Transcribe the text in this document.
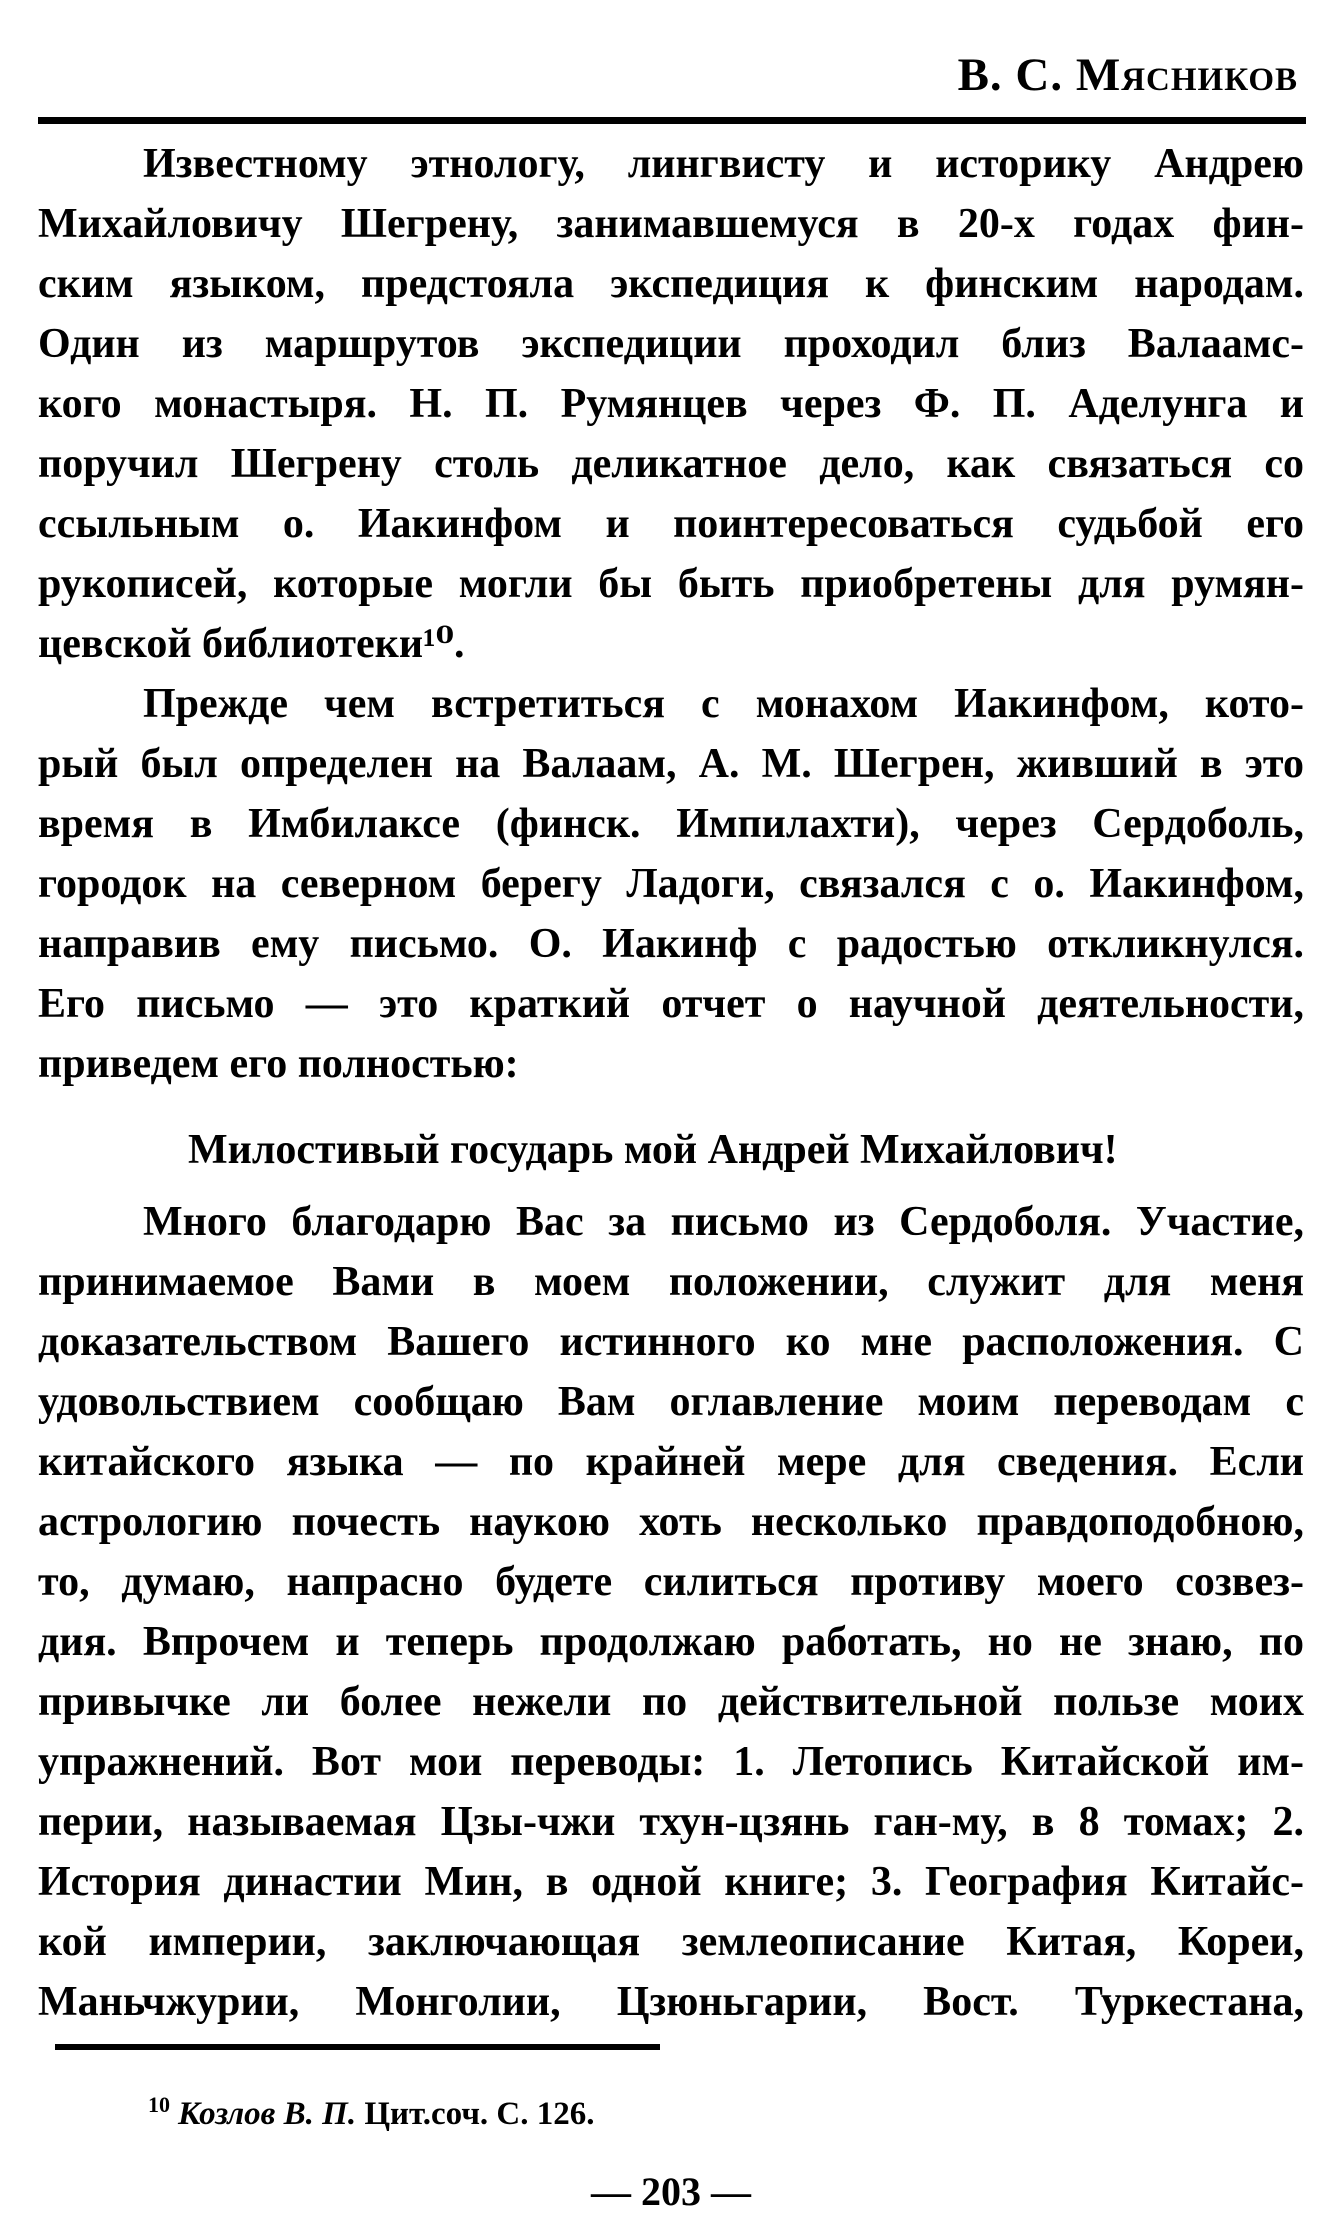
В. С. Мясников
Известному этнологу, лингвисту и историку Андрею
Михайловичу Шегрену, занимавшемуся в 20-х годах фин-
ским языком, предстояла экспедиция к финским народам.
Один из маршрутов экспедиции проходил близ Валаамс-
кого монастыря. Н. П. Румянцев через Ф. П. Аделунга и
поручил Шегрену столь деликатное дело, как связаться со
ссыльным о. Иакинфом и поинтересоваться судьбой его
рукописей, которые могли бы быть приобретены для румян-
цевской библиотеки¹⁰.
Прежде чем встретиться с монахом Иакинфом, кото-
рый был определен на Валаам, А. М. Шегрен, живший в это
время в Имбилаксе (финск. Импилахти), через Сердоболь,
городок на северном берегу Ладоги, связался с о. Иакинфом,
направив ему письмо. О. Иакинф с радостью откликнулся.
Его письмо — это краткий отчет о научной деятельности,
приведем его полностью:
Милостивый государь мой Андрей Михайлович!
Много благодарю Вас за письмо из Сердоболя. Участие,
принимаемое Вами в моем положении, служит для меня
доказательством Вашего истинного ко мне расположения. С
удовольствием сообщаю Вам оглавление моим переводам с
китайского языка — по крайней мере для сведения. Если
астрологию почесть наукою хоть несколько правдоподобною,
то, думаю, напрасно будете силиться противу моего созвез-
дия. Впрочем и теперь продолжаю работать, но не знаю, по
привычке ли более нежели по действительной пользе моих
упражнений. Вот мои переводы: 1. Летопись Китайской им-
перии, называемая Цзы-чжи тхун-цзянь ган-му, в 8 томах; 2.
История династии Мин, в одной книге; 3. География Китайс-
кой империи, заключающая землеописание Китая, Кореи,
Маньчжурии, Монголии, Цзюньгарии, Вост. Туркестана,
$^{10}$ Козлов В. П. Цит.соч. С. 126.
— 203 —
